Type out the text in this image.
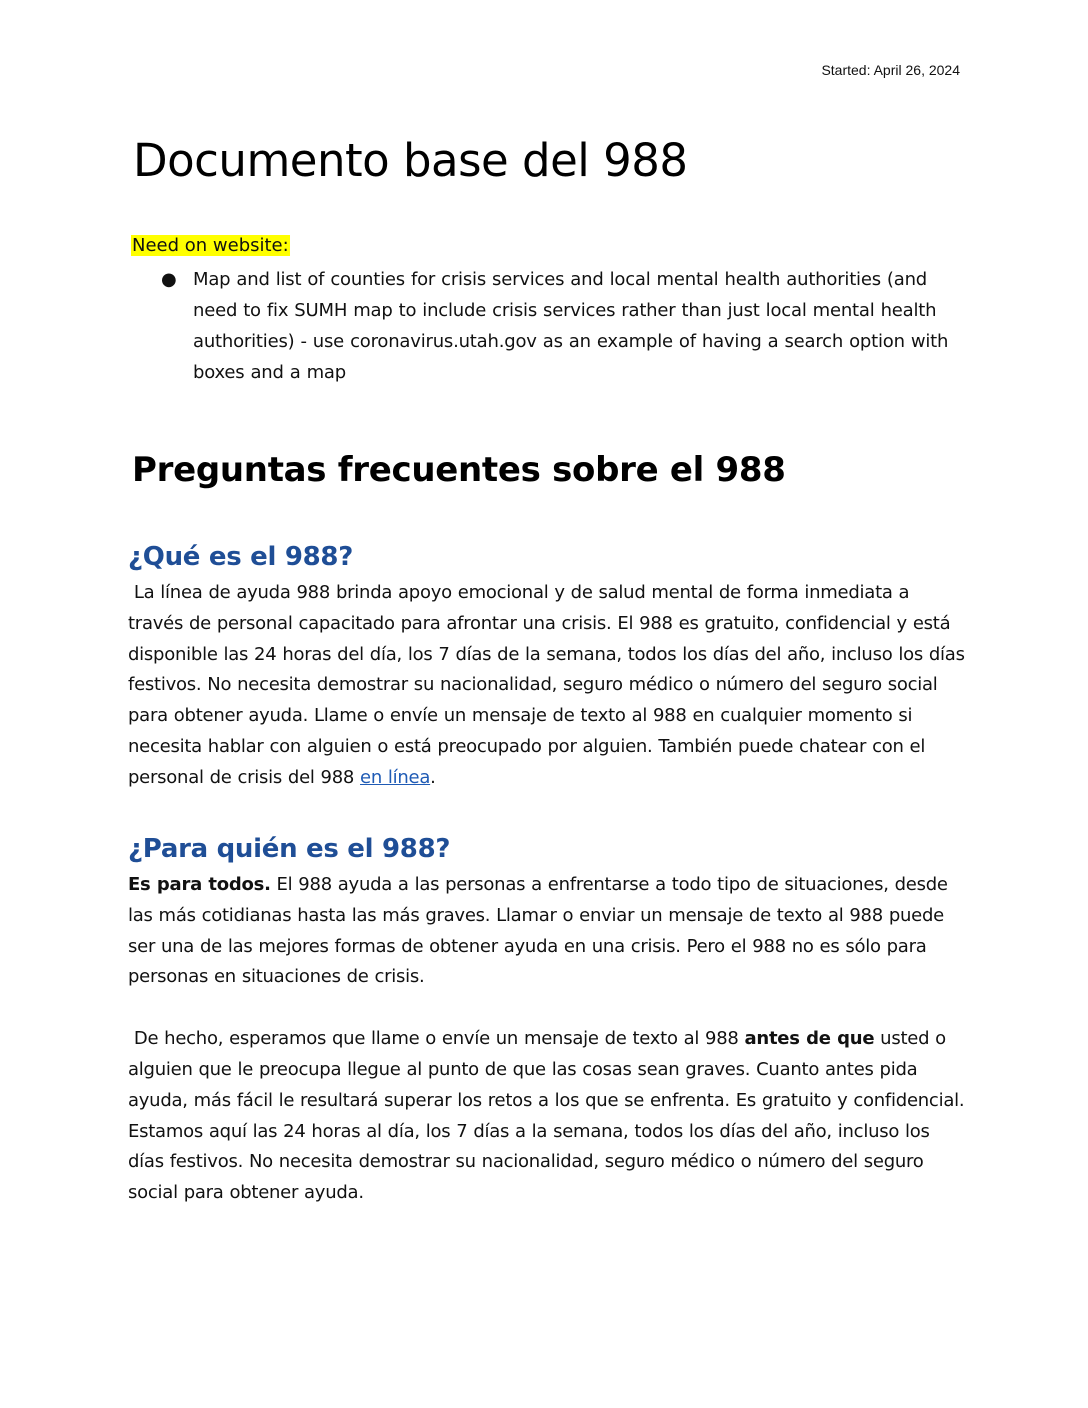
Started: April 26, 2024
Documento base del 988
Need on website:
● Map and list of counties for crisis services and local mental health authorities (and need to fix SUMH map to include crisis services rather than just local mental health authorities) - use coronavirus.utah.gov as an example of having a search option with boxes and a map
Preguntas frecuentes sobre el 988
¿Qué es el 988?

La línea de ayuda 988 brinda apoyo emocional y de salud mental de forma inmediata a través de personal capacitado para afrontar una crisis. El 988 es gratuito, confidencial y está disponible las 24 horas del día, los 7 días de la semana, todos los días del año, incluso los días festivos. No necesita demostrar su nacionalidad, seguro médico o número del seguro social para obtener ayuda. Llame o envíe un mensaje de texto al 988 en cualquier momento si necesita hablar con alguien o está preocupado por alguien. También puede chatear con el personal de crisis del 988 en línea.

¿Para quién es el 988?

Es para todos. El 988 ayuda a las personas a enfrentarse a todo tipo de situaciones, desde las más cotidianas hasta las más graves. Llamar o enviar un mensaje de texto al 988 puede ser una de las mejores formas de obtener ayuda en una crisis. Pero el 988 no es sólo para personas en situaciones de crisis.

De hecho, esperamos que llame o envíe un mensaje de texto al 988 antes de que usted o alguien que le preocupa llegue al punto de que las cosas sean graves. Cuanto antes pida ayuda, más fácil le resultará superar los retos a los que se enfrenta. Es gratuito y confidencial. Estamos aquí las 24 horas al día, los 7 días a la semana, todos los días del año, incluso los días festivos. No necesita demostrar su nacionalidad, seguro médico o número del seguro social para obtener ayuda.
